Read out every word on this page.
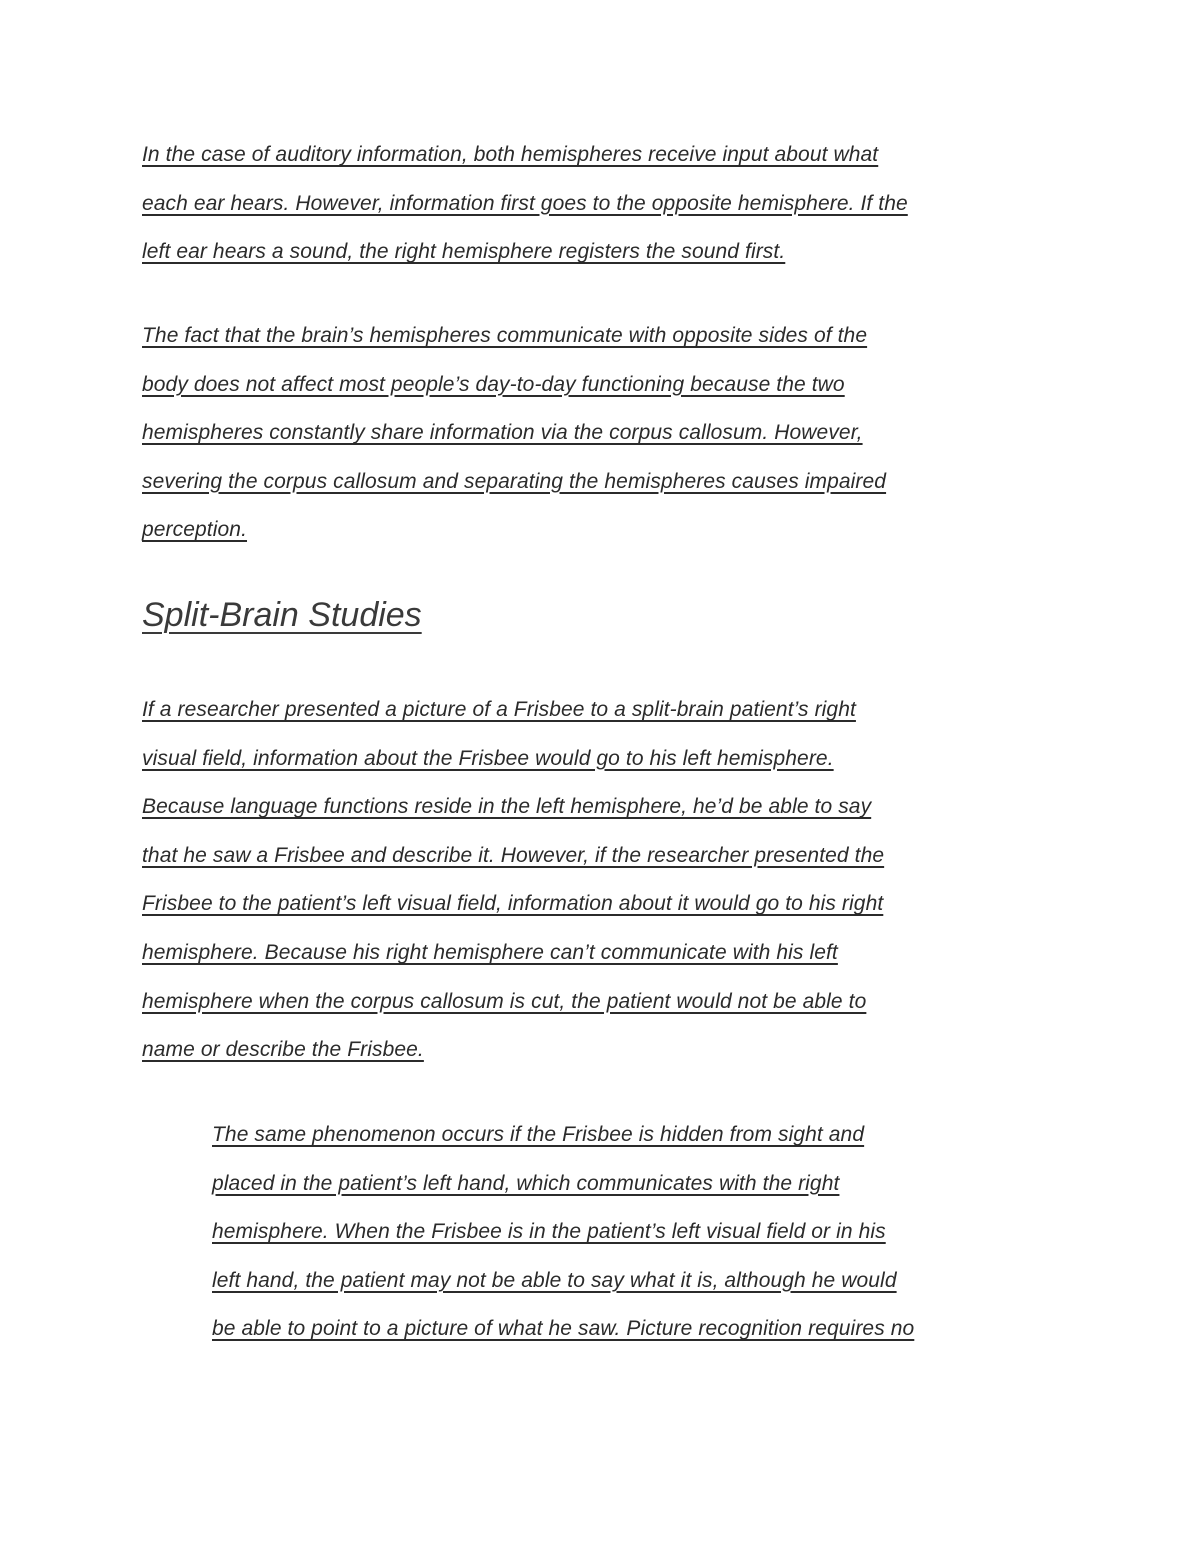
In the case of auditory information, both hemispheres receive input about what
each ear hears. However, information first goes to the opposite hemisphere. If the
left ear hears a sound, the right hemisphere registers the sound first.
The fact that the brain’s hemispheres communicate with opposite sides of the
body does not affect most people’s day-to-day functioning because the two
hemispheres constantly share information via the corpus callosum. However,
severing the corpus callosum and separating the hemispheres causes impaired
perception.
Split-Brain Studies
If a researcher presented a picture of a Frisbee to a split-brain patient’s right
visual field, information about the Frisbee would go to his left hemisphere.
Because language functions reside in the left hemisphere, he’d be able to say
that he saw a Frisbee and describe it. However, if the researcher presented the
Frisbee to the patient’s left visual field, information about it would go to his right
hemisphere. Because his right hemisphere can’t communicate with his left
hemisphere when the corpus callosum is cut, the patient would not be able to
name or describe the Frisbee.
The same phenomenon occurs if the Frisbee is hidden from sight and
placed in the patient’s left hand, which communicates with the right
hemisphere. When the Frisbee is in the patient’s left visual field or in his
left hand, the patient may not be able to say what it is, although he would
be able to point to a picture of what he saw. Picture recognition requires no
